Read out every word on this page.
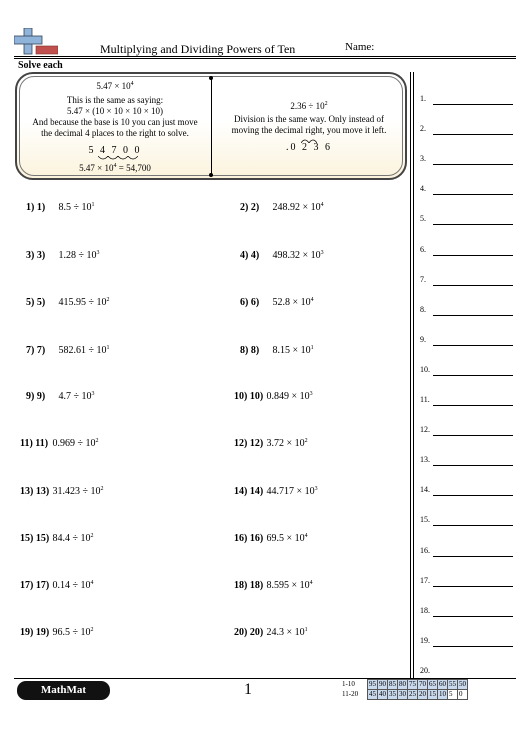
Multiplying and Dividing Powers of Ten	Name:
Solve each
$5.47 \times 10^4$
This is the same as saying:
5.47 × (10 × 10 × 10 × 10)
And because the base is 10 you can just move
the decimal 4 places to the right to solve.
5 4 7 0 0
$5.47 \times 10^4 = 54,700$
$2.36 \div 10^2$
Division is the same way. Only instead of
moving the decimal right, you move it left.
.0 2 3 6
1) 1) $8.5 \div 10^1$	2) 2) $248.92 \times 10^4$
3) 3) $1.28 \div 10^3$	4) 4) $498.32 \times 10^3$
5) 5) $415.95 \div 10^2$	6) 6) $52.8 \times 10^4$
7) 7) $582.61 \div 10^1$	8) 8) $8.15 \times 10^1$
9) 9) $4.7 \div 10^3$	10) 10) $0.849 \times 10^3$
11) 11) $0.969 \div 10^2$	12) 12) $3.72 \times 10^2$
13) 13) $31.423 \div 10^2$	14) 14) $44.717 \times 10^3$
15) 15) $84.4 \div 10^2$	16) 16) $69.5 \times 10^4$
17) 17) $0.14 \div 10^4$	18) 18) $8.595 \times 10^4$
19) 19) $96.5 \div 10^2$	20) 20) $24.3 \times 10^1$
1.
2.
3.
4.
5.
6.
7.
8.
9.
10.
11.
12.
13.
14.
15.
16.
17.
18.
19.
20.
MathMat	1	1-10
11-20
95	90	85	80	75	70	65	60	55	50
45	40	35	30	25	20	15	10	5	0
